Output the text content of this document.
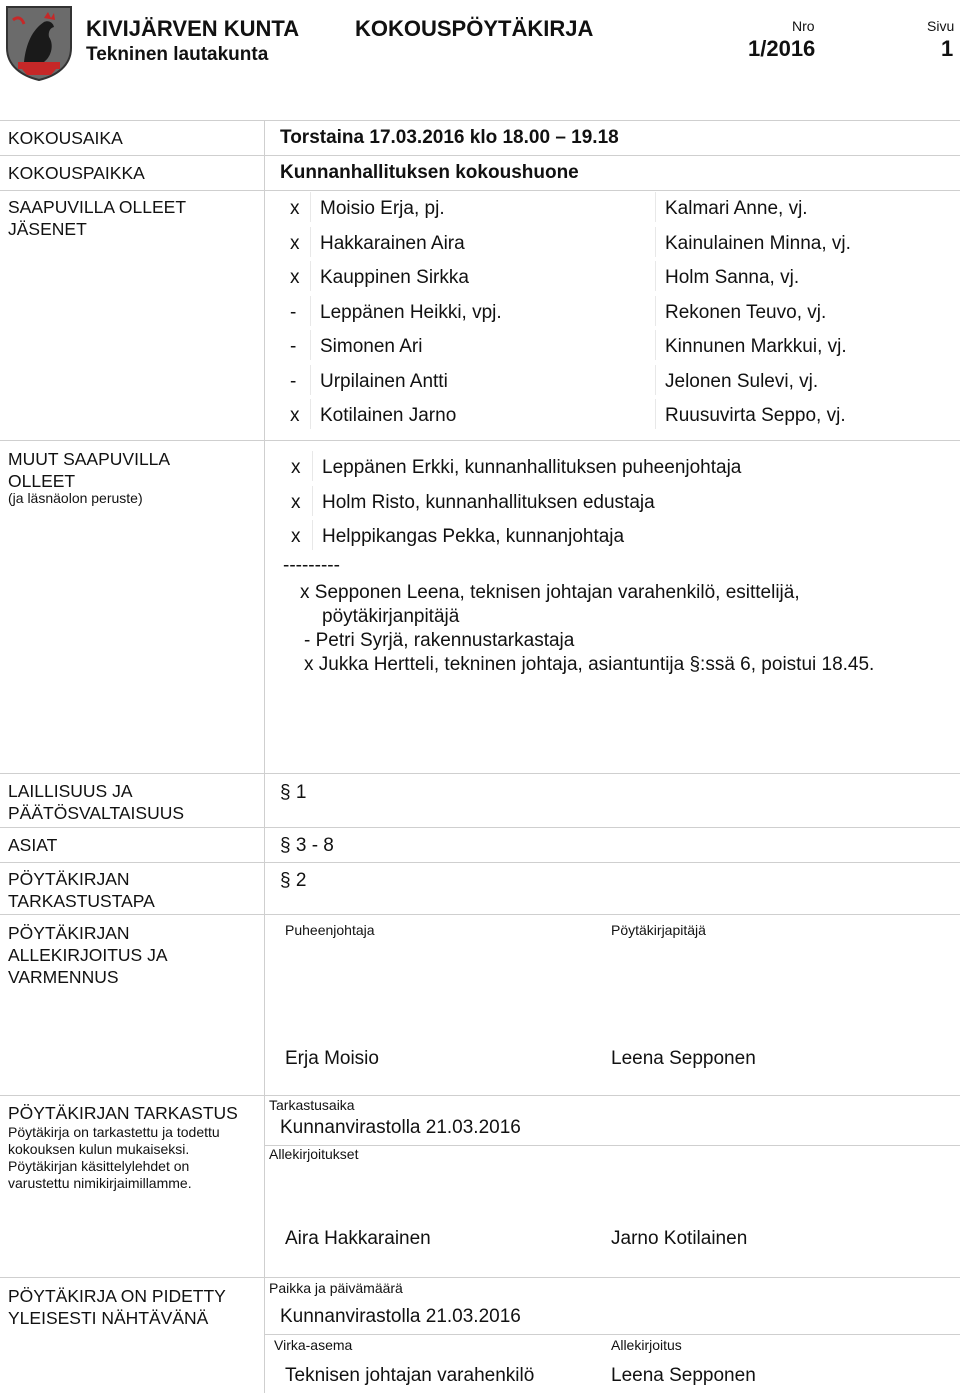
KIVIJÄRVEN KUNTA
Tekninen lautakunta
KOKOUSPÖYTÄKIRJA	Nro
1/2016
Sivu
1
KOKOUSAIKA	Torstaina 17.03.2016 klo 18.00 – 19.18
KOKOUSPAIKKA	Kunnanhallituksen kokoushuone
SAAPUVILLA OLLEET JÄSENET
x Moisio Erja, pj.	Kalmari Anne, vj.
x Hakkarainen Aira	Kainulainen Minna, vj.
x Kauppinen Sirkka	Holm Sanna, vj.
- Leppänen Heikki, vpj.	Rekonen Teuvo, vj.
- Simonen Ari	Kinnunen Markkui, vj.
- Urpilainen Antti	Jelonen Sulevi, vj.
x Kotilainen Jarno	Ruusuvirta Seppo, vj.
MUUT SAAPUVILLA OLLEET
(ja läsnäolon peruste)
x Leppänen Erkki, kunnanhallituksen puheenjohtaja
x Holm Risto, kunnanhallituksen edustaja
x Helppikangas Pekka, kunnanjohtaja
---------
x Sepponen Leena, teknisen johtajan varahenkilö, esittelijä,
pöytäkirjanpitäjä
- Petri Syrjä, rakennustarkastaja
x Jukka Hertteli, tekninen johtaja, asiantuntija §:ssä 6, poistui 18.45.
LAILLISUUS JA PÄÄTÖSVALTAISUUS
§ 1
ASIAT	§ 3 - 8
PÖYTÄKIRJAN TARKASTUSTAPA
§ 2
PÖYTÄKIRJAN ALLEKIRJOITUS JA VARMENNUS
Puheenjohtaja	Pöytäkirjapitäjä
Erja Moisio	Leena Sepponen
PÖYTÄKIRJAN TARKASTUS
Pöytäkirja on tarkastettu ja todettu kokouksen kulun mukaiseksi. Pöytäkirjan käsittelylehdet on varustettu nimikirjaimillamme.
Tarkastusaika
Kunnanvirastolla 21.03.2016
Allekirjoitukset
Aira Hakkarainen	Jarno Kotilainen
PÖYTÄKIRJA ON PIDETTY YLEISESTI NÄHTÄVÄNÄ
Paikka ja päivämäärä
Kunnanvirastolla 21.03.2016
Virka-asema
Teknisen johtajan varahenkilö
Allekirjoitus
Leena Sepponen
